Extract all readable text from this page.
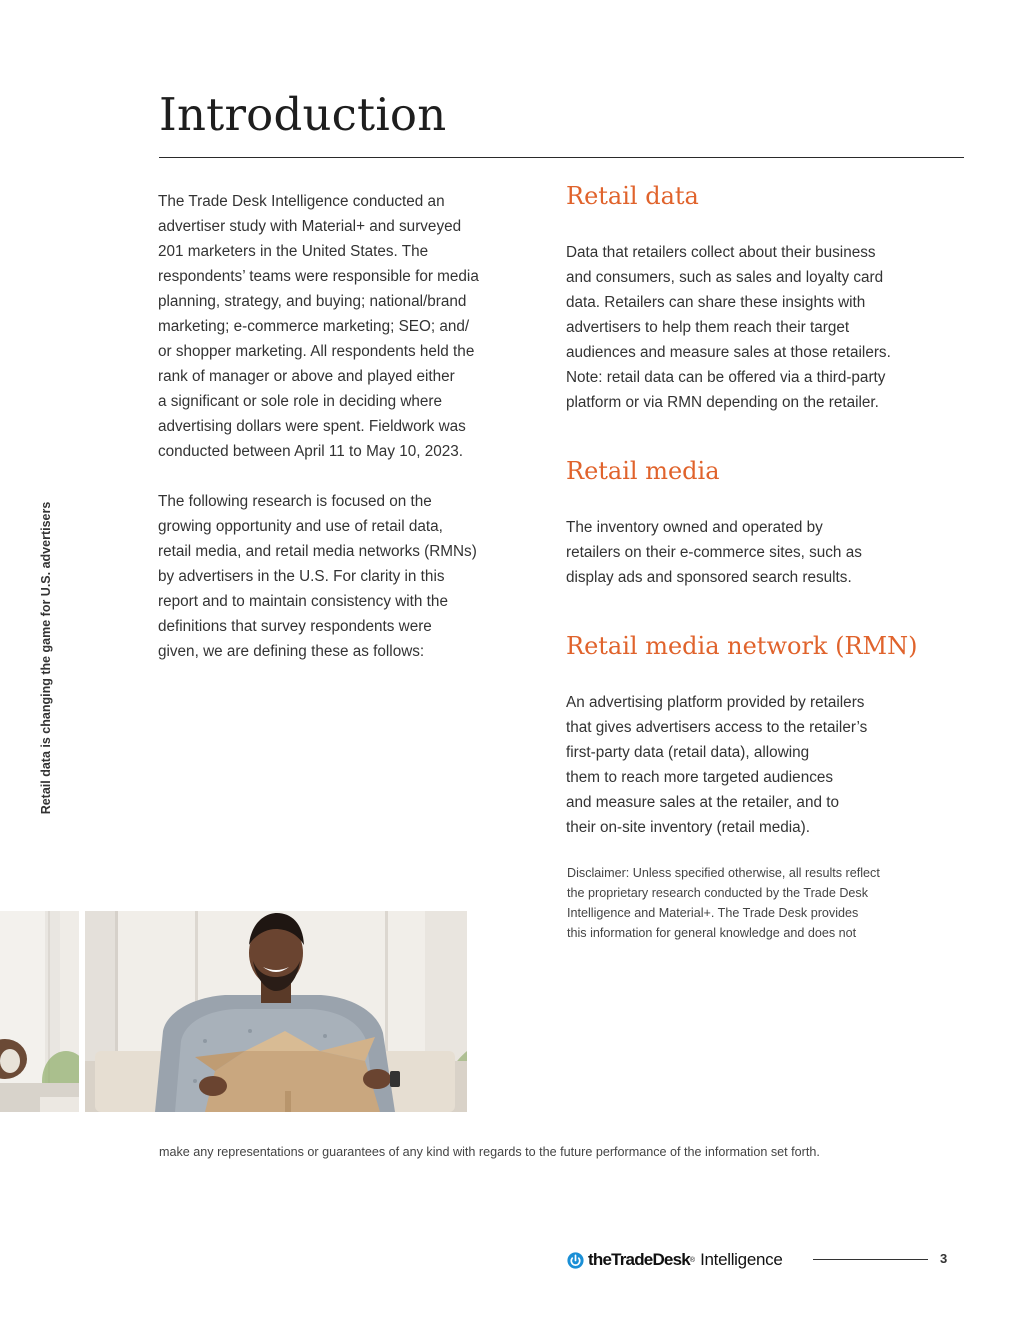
Introduction
Retail data is changing the game for U.S. advertisers
The Trade Desk Intelligence conducted an
advertiser study with Material+ and surveyed
201 marketers in the United States. The
respondents’ teams were responsible for media
planning, strategy, and buying; national/brand
marketing; e-commerce marketing; SEO; and/
or shopper marketing. All respondents held the
rank of manager or above and played either
a significant or sole role in deciding where
advertising dollars were spent. Fieldwork was
conducted between April 11 to May 10, 2023.
The following research is focused on the
growing opportunity and use of retail data,
retail media, and retail media networks (RMNs)
by advertisers in the U.S. For clarity in this
report and to maintain consistency with the
definitions that survey respondents were
given, we are defining these as follows:
Retail data
Data that retailers collect about their business
and consumers, such as sales and loyalty card
data. Retailers can share these insights with
advertisers to help them reach their target
audiences and measure sales at those retailers.
Note: retail data can be offered via a third-party
platform or via RMN depending on the retailer.
Retail media
The inventory owned and operated by
retailers on their e-commerce sites, such as
display ads and sponsored search results.
Retail media network (RMN)
An advertising platform provided by retailers
that gives advertisers access to the retailer’s
first-party data (retail data), allowing
them to reach more targeted audiences
and measure sales at the retailer, and to
their on-site inventory (retail media).
Disclaimer: Unless specified otherwise, all results reflect
the proprietary research conducted by the Trade Desk
Intelligence and Material+. The Trade Desk provides
this information for general knowledge and does not
make any representations or guarantees of any kind with regards to the future performance of the information set forth.
theTradeDesk ® Intelligence	3
